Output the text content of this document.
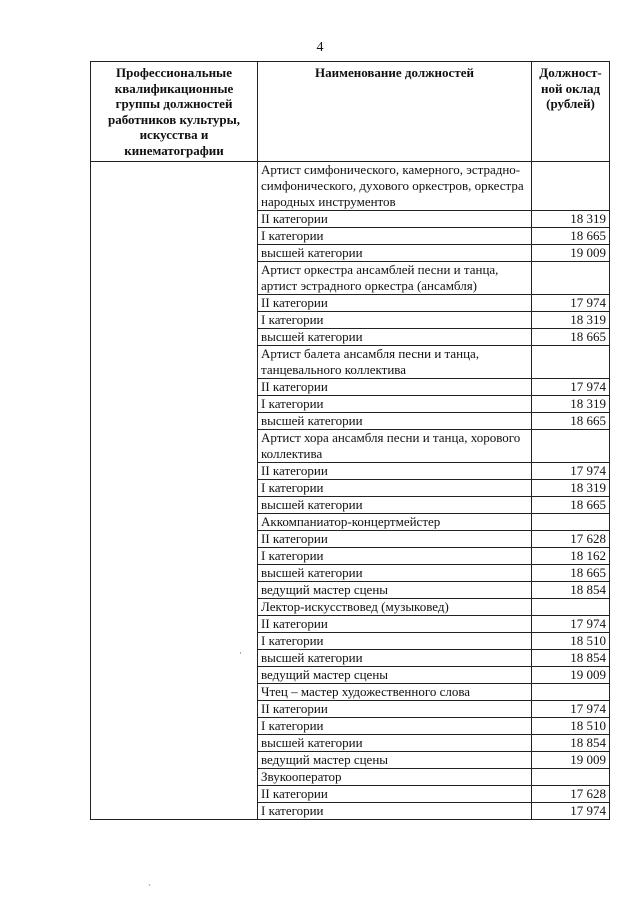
4
Профессиональные квалификационные группы должностей работников культуры, искусства и кинематографии	Наименование должностей	Должност-ной оклад (рублей)
	Артист симфонического, камерного, эстрадно-симфонического, духового оркестров, оркестра народных инструментов	
	II категории	18 319
	I категории	18 665
	высшей категории	19 009
	Артист оркестра ансамблей песни и танца, артист эстрадного оркестра (ансамбля)	
	II категории	17 974
	I категории	18 319
	высшей категории	18 665
	Артист балета ансамбля песни и танца, танцевального коллектива	
	II категории	17 974
	I категории	18 319
	высшей категории	18 665
	Артист хора ансамбля песни и танца, хорового коллектива	
	II категории	17 974
	I категории	18 319
	высшей категории	18 665
	Аккомпаниатор-концертмейстер	
	II категории	17 628
	I категории	18 162
	высшей категории	18 665
	ведущий мастер сцены	18 854
	Лектор-искусствовед (музыковед)	
	II категории	17 974
	I категории	18 510
	высшей категории	18 854
	ведущий мастер сцены	19 009
	Чтец – мастер художественного слова	
	II категории	17 974
	I категории	18 510
	высшей категории	18 854
	ведущий мастер сцены	19 009
	Звукооператор	
	II категории	17 628
	I категории	17 974
·
`
